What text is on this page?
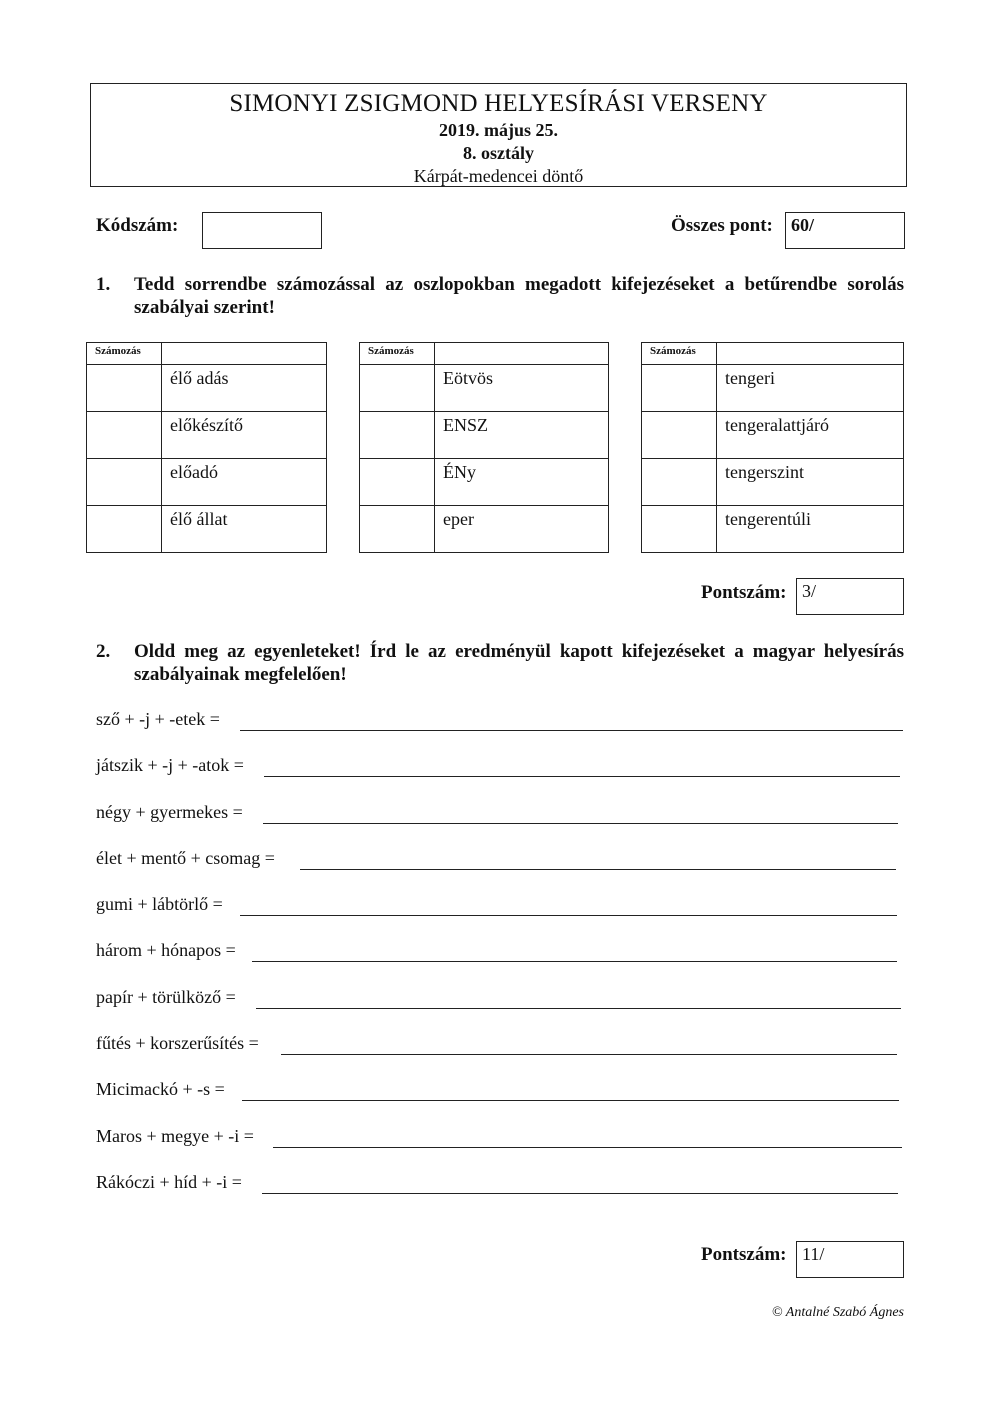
SIMONYI ZSIGMOND HELYESÍRÁSI VERSENY
2019. május 25.
8. osztály
Kárpát-medencei döntő
Kódszám:	Összes pont:	60/
1. Tedd sorrendbe számozással az oszlopokban megadott kifejezéseket a betűrendbe sorolás szabályai szerint!
Számozás	
	élő adás
	előkészítő
	előadó
	élő állat
Számozás	
	Eötvös
	ENSZ
	ÉNy
	eper
Számozás	
	tengeri
	tengeralattjáró
	tengerszint
	tengerentúli
Pontszám: 3/
2. Oldd meg az egyenleteket! Írd le az eredményül kapott kifejezéseket a magyar helyesírás szabályainak megfelelően!
sző + -j + -etek =
játszik + -j + -atok =
négy + gyermekes =
élet + mentő + csomag =
gumi + lábtörlő =
három + hónapos =
papír + törülköző =
fűtés + korszerűsítés =
Micimackó + -s =
Maros + megye + -i =
Rákóczi + híd + -i =
Pontszám: 11/
© Antalné Szabó Ágnes
